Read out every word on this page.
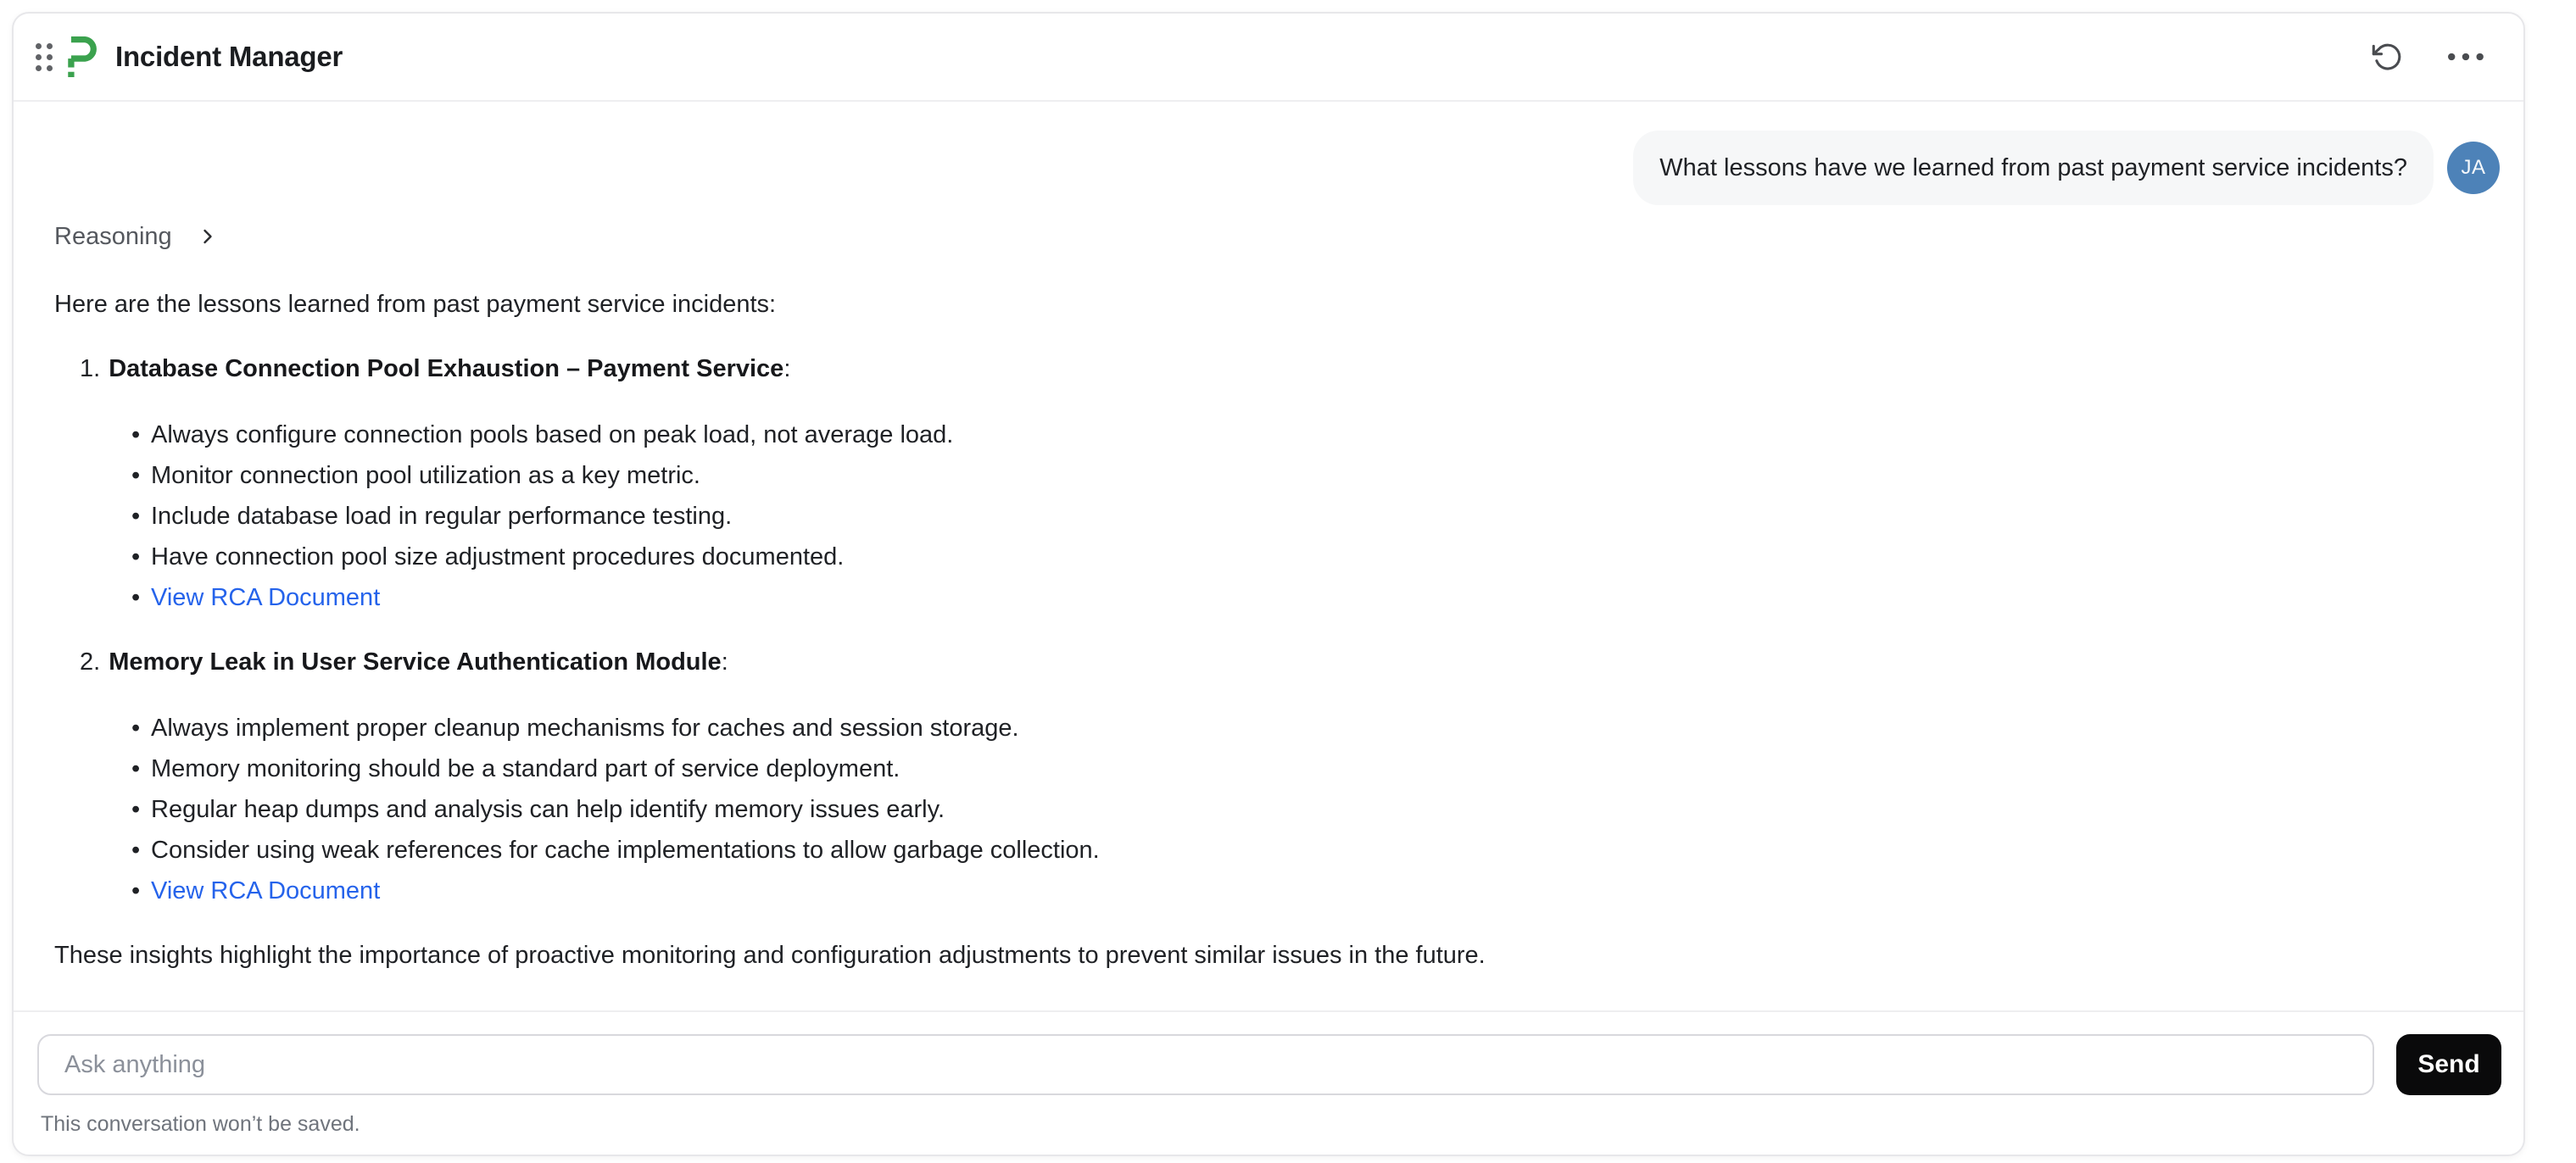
Incident Manager
What lessons have we learned from past payment service incidents?	JA
Reasoning

Here are the lessons learned from past payment service incidents:

1. Database Connection Pool Exhaustion – Payment Service:

• Always configure connection pools based on peak load, not average load.
• Monitor connection pool utilization as a key metric.
• Include database load in regular performance testing.
• Have connection pool size adjustment procedures documented.
• View RCA Document

2. Memory Leak in User Service Authentication Module:

• Always implement proper cleanup mechanisms for caches and session storage.
• Memory monitoring should be a standard part of service deployment.
• Regular heap dumps and analysis can help identify memory issues early.
• Consider using weak references for cache implementations to allow garbage collection.
• View RCA Document

These insights highlight the importance of proactive monitoring and configuration adjustments to prevent similar issues in the future.

Ask anything
Send
This conversation won’t be saved.
